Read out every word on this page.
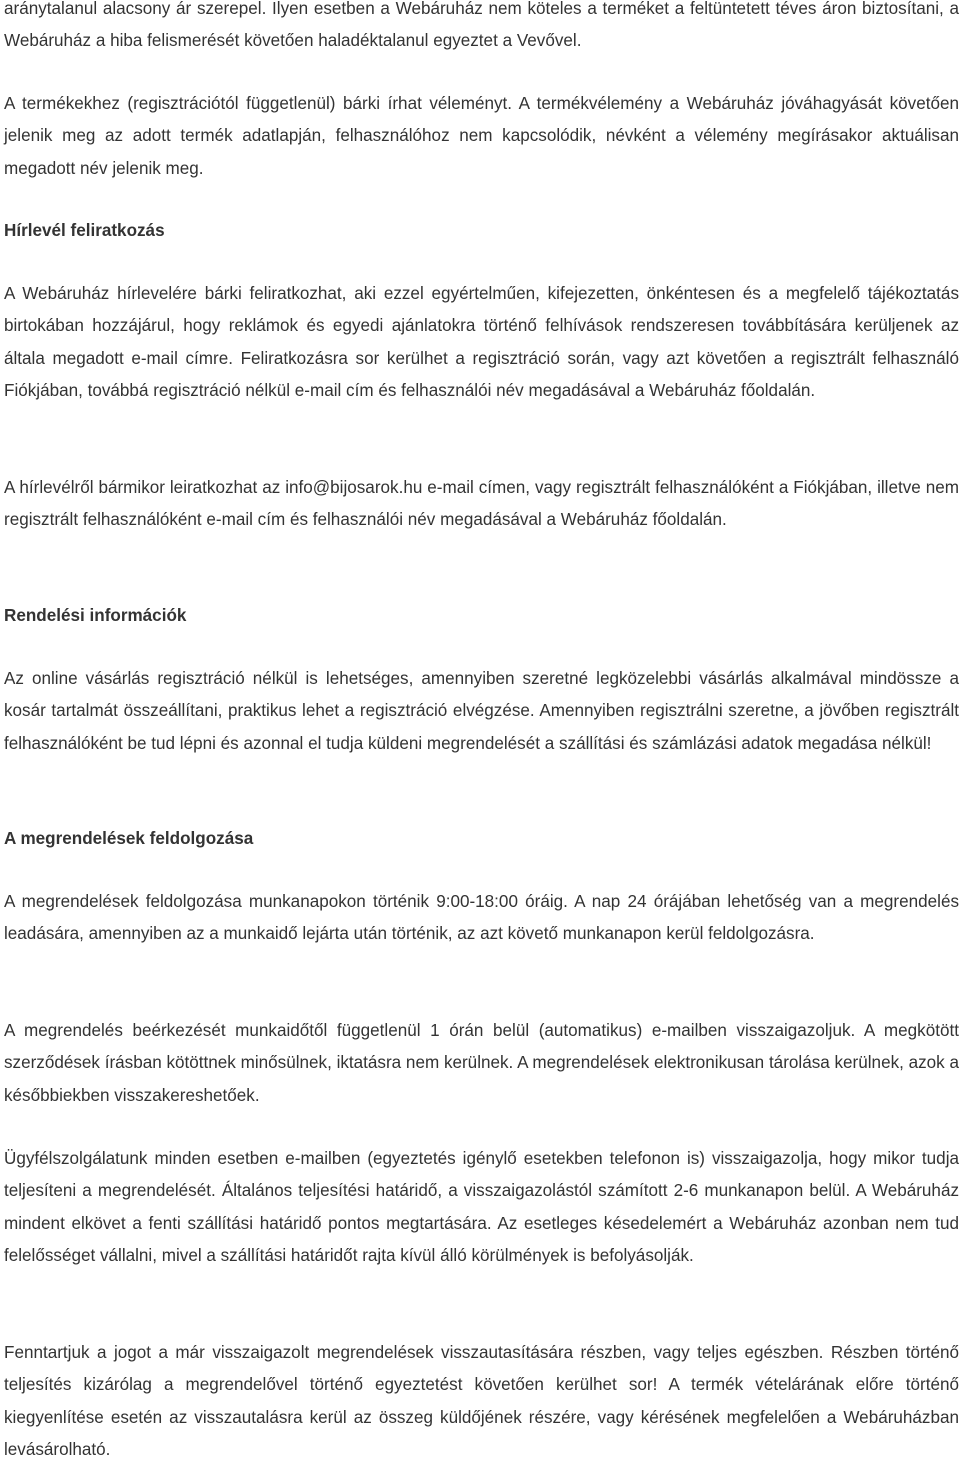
aránytalanul alacsony ár szerepel. Ilyen esetben a Webáruház nem köteles a terméket a feltüntetett téves áron biztosítani, a Webáruház a hiba felismerését követően haladéktalanul egyeztet a Vevővel.

A termékekhez (regisztrációtól függetlenül) bárki írhat véleményt. A termékvélemény a Webáruház jóváhagyását követően jelenik meg az adott termék adatlapján, felhasználóhoz nem kapcsolódik, névként a vélemény megírásakor aktuálisan megadott név jelenik meg.

Hírlevél feliratkozás

A Webáruház hírlevelére bárki feliratkozhat, aki ezzel egyértelműen, kifejezetten, önkéntesen és a megfelelő tájékoztatás birtokában hozzájárul, hogy reklámok és egyedi ajánlatokra történő felhívások rendszeresen továbbítására kerüljenek az általa megadott e-mail címre. Feliratkozásra sor kerülhet a regisztráció során, vagy azt követően a regisztrált felhasználó Fiókjában, továbbá regisztráció nélkül e-mail cím és felhasználói név megadásával a Webáruház főoldalán.

A hírlevélről bármikor leiratkozhat az info@bijosarok.hu e-mail címen, vagy regisztrált felhasználóként a Fiókjában, illetve nem regisztrált felhasználóként e-mail cím és felhasználói név megadásával a Webáruház főoldalán.

Rendelési információk

Az online vásárlás regisztráció nélkül is lehetséges, amennyiben szeretné legközelebbi vásárlás alkalmával mindössze a kosár tartalmát összeállítani, praktikus lehet a regisztráció elvégzése. Amennyiben regisztrálni szeretne, a jövőben regisztrált felhasználóként be tud lépni és azonnal el tudja küldeni megrendelését a szállítási és számlázási adatok megadása nélkül!

A megrendelések feldolgozása

A megrendelések feldolgozása munkanapokon történik 9:00-18:00 óráig. A nap 24 órájában lehetőség van a megrendelés leadására, amennyiben az a munkaidő lejárta után történik, az azt követő munkanapon kerül feldolgozásra.

A megrendelés beérkezését munkaidőtől függetlenül 1 órán belül (automatikus) e-mailben visszaigazoljuk. A megkötött szerződések írásban kötöttnek minősülnek, iktatásra nem kerülnek. A megrendelések elektronikusan tárolása kerülnek, azok a későbbiekben visszakereshetőek.

Ügyfélszolgálatunk minden esetben e-mailben (egyeztetés igénylő esetekben telefonon is) visszaigazolja, hogy mikor tudja teljesíteni a megrendelését. Általános teljesítési határidő, a visszaigazolástól számított 2-6 munkanapon belül. A Webáruház mindent elkövet a fenti szállítási határidő pontos megtartására. Az esetleges késedelemért a Webáruház azonban nem tud felelősséget vállalni, mivel a szállítási határidőt rajta kívül álló körülmények is befolyásolják.

Fenntartjuk a jogot a már visszaigazolt megrendelések visszautasítására részben, vagy teljes egészben. Részben történő teljesítés kizárólag a megrendelővel történő egyeztetést követően kerülhet sor! A termék vételárának előre történő kiegyenlítése esetén az visszautalásra kerül az összeg küldőjének részére, vagy kérésének megfelelően a Webáruházban levásárolható.
